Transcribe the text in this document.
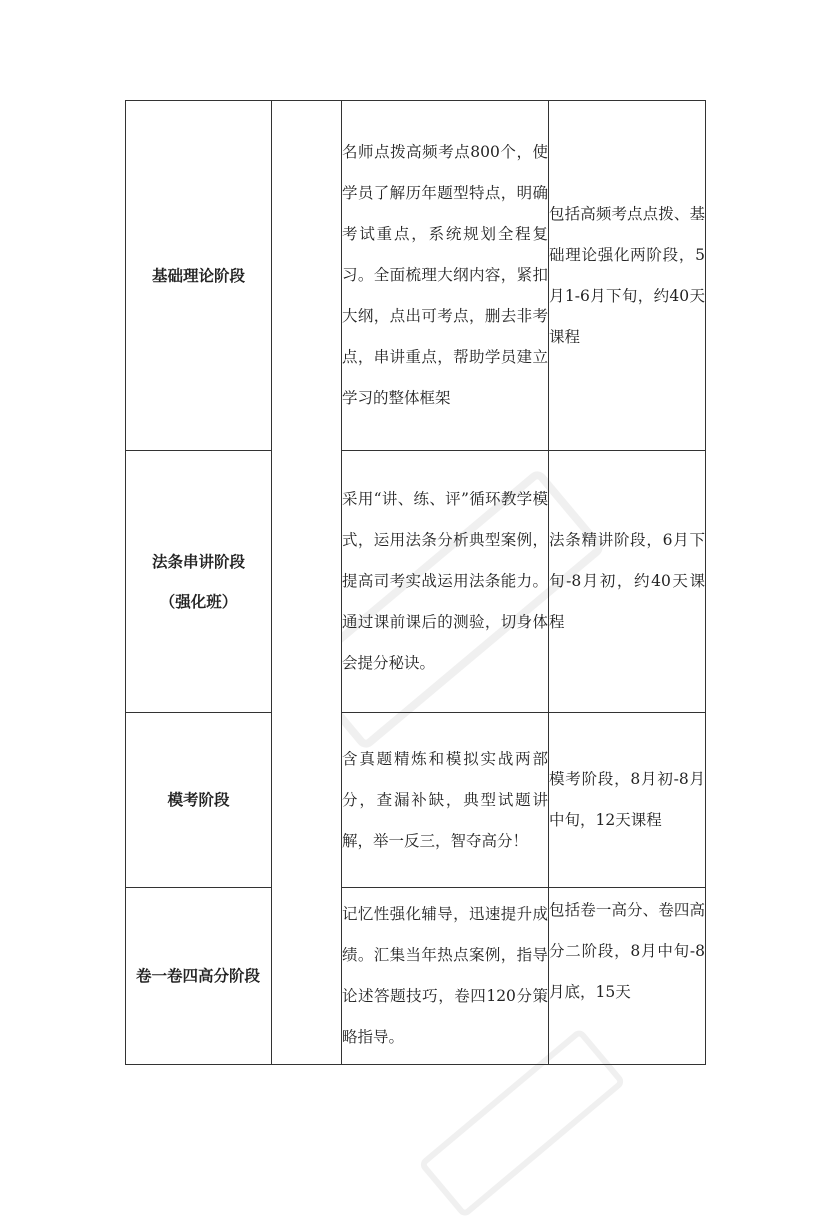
基础理论阶段		名师点拨高频考点800个，使学员了解历年题型特点，明确考试重点，系统规划全程复习。全面梳理大纲内容，紧扣大纲，点出可考点，删去非考点，串讲重点，帮助学员建立学习的整体框架	包括高频考点点拨、基础理论强化两阶段，5月1-6月下旬，约40天课程

法条串讲阶段
（强化班）		采用“讲、练、评”循环教学模式，运用法条分析典型案例，提高司考实战运用法条能力。通过课前课后的测验，切身体会提分秘诀。	法条精讲阶段，6月下旬-8月初，约40天课程
模考阶段		含真题精炼和模拟实战两部分，查漏补缺，典型试题讲解，举一反三，智夺高分！	模考阶段，8月初-8月中旬，12天课程
卷一卷四高分阶段		记忆性强化辅导，迅速提升成绩。汇集当年热点案例，指导论述答题技巧，卷四120分策略指导。	包括卷一高分、卷四高分二阶段，8月中旬-8月底，15天
